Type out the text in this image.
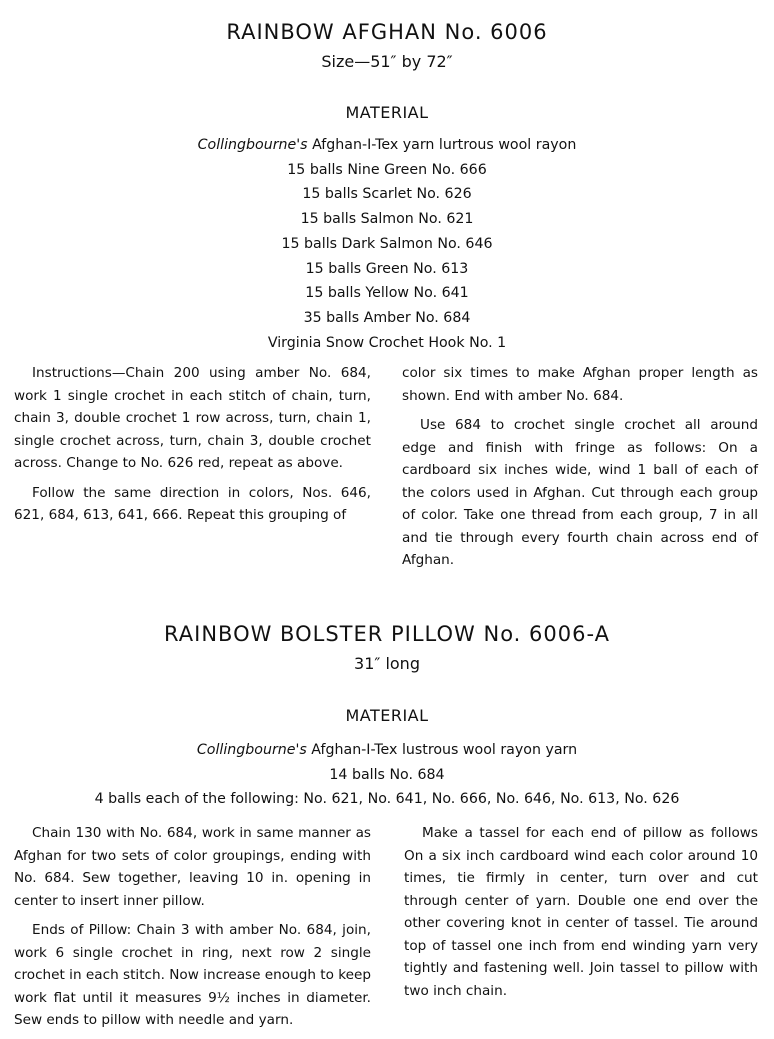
RAINBOW AFGHAN No. 6006
Size—51″ by 72″
MATERIAL
Collingbourne's Afghan-I-Tex yarn lurtrous wool rayon
15 balls Nine Green No. 666
15 balls Scarlet No. 626
15 balls Salmon No. 621
15 balls Dark Salmon No. 646
15 balls Green No. 613
15 balls Yellow No. 641
35 balls Amber No. 684
Virginia Snow Crochet Hook No. 1

Instructions—Chain 200 using amber No. 684, work 1 single crochet in each stitch of chain, turn, chain 3, double crochet 1 row across, turn, chain 1, single crochet across, turn, chain 3, double crochet across. Change to No. 626 red, repeat as above.

Follow the same direction in colors, Nos. 646, 621, 684, 613, 641, 666. Repeat this grouping of

color six times to make Afghan proper length as shown. End with amber No. 684.

Use 684 to crochet single crochet all around edge and finish with fringe as follows: On a cardboard six inches wide, wind 1 ball of each of the colors used in Afghan. Cut through each group of color. Take one thread from each group, 7 in all and tie through every fourth chain across end of Afghan.

RAINBOW BOLSTER PILLOW No. 6006-A
31″ long
MATERIAL
Collingbourne's Afghan-I-Tex lustrous wool rayon yarn
14 balls No. 684
4 balls each of the following: No. 621, No. 641, No. 666, No. 646, No. 613, No. 626

Chain 130 with No. 684, work in same manner as Afghan for two sets of color groupings, ending with No. 684. Sew together, leaving 10 in. opening in center to insert inner pillow.

Ends of Pillow: Chain 3 with amber No. 684, join, work 6 single crochet in ring, next row 2 single crochet in each stitch. Now increase enough to keep work flat until it measures 9½ inches in diameter. Sew ends to pillow with needle and yarn.

Make a tassel for each end of pillow as follows On a six inch cardboard wind each color around 10 times, tie firmly in center, turn over and cut through center of yarn. Double one end over the other covering knot in center of tassel. Tie around top of tassel one inch from end winding yarn very tightly and fastening well. Join tassel to pillow with two inch chain.
